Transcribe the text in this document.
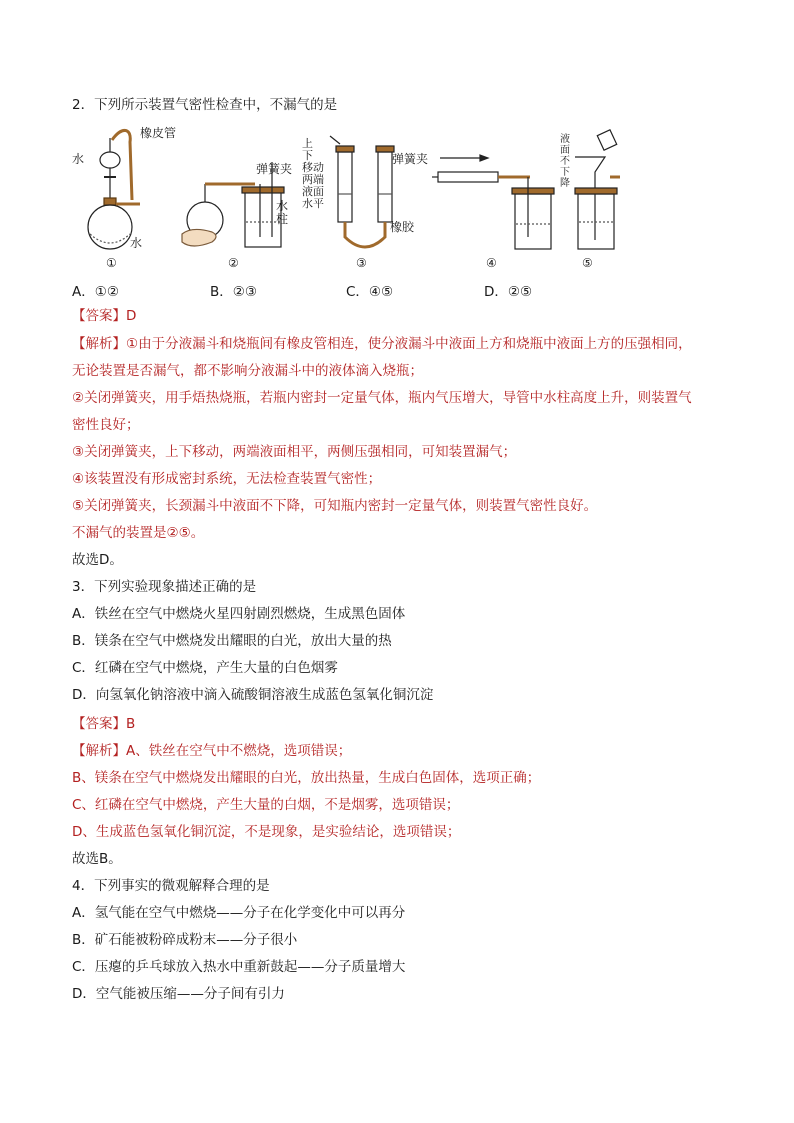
2．下列所示装置气密性检查中，不漏气的是
橡皮管
水
水
弹簧夹
水
柱
上
下
移动
两端
液面
水平
弹簧夹
橡胶
液
面
不
下
降
①	②	③	④	⑤
A．①②	B．②③	C．④⑤	D．②⑤
【答案】D
【解析】①由于分液漏斗和烧瓶间有橡皮管相连，使分液漏斗中液面上方和烧瓶中液面上方的压强相同，
无论装置是否漏气，都不影响分液漏斗中的液体滴入烧瓶；
②关闭弹簧夹，用手焐热烧瓶，若瓶内密封一定量气体，瓶内气压增大，导管中水柱高度上升，则装置气
密性良好；
③关闭弹簧夹，上下移动，两端液面相平，两侧压强相同，可知装置漏气；
④该装置没有形成密封系统，无法检查装置气密性；
⑤关闭弹簧夹，长颈漏斗中液面不下降，可知瓶内密封一定量气体，则装置气密性良好。
不漏气的装置是②⑤。
故选D。
3．下列实验现象描述正确的是
A．铁丝在空气中燃烧火星四射剧烈燃烧，生成黑色固体
B．镁条在空气中燃烧发出耀眼的白光，放出大量的热
C．红磷在空气中燃烧，产生大量的白色烟雾
D．向氢氧化钠溶液中滴入硫酸铜溶液生成蓝色氢氧化铜沉淀
【答案】B
【解析】A、铁丝在空气中不燃烧，选项错误；
B、镁条在空气中燃烧发出耀眼的白光，放出热量，生成白色固体，选项正确；
C、红磷在空气中燃烧，产生大量的白烟，不是烟雾，选项错误；
D、生成蓝色氢氧化铜沉淀，不是现象，是实验结论，选项错误；
故选B。
4．下列事实的微观解释合理的是
A．氢气能在空气中燃烧——分子在化学变化中可以再分
B．矿石能被粉碎成粉末——分子很小
C．压瘪的乒乓球放入热水中重新鼓起——分子质量增大
D．空气能被压缩——分子间有引力
